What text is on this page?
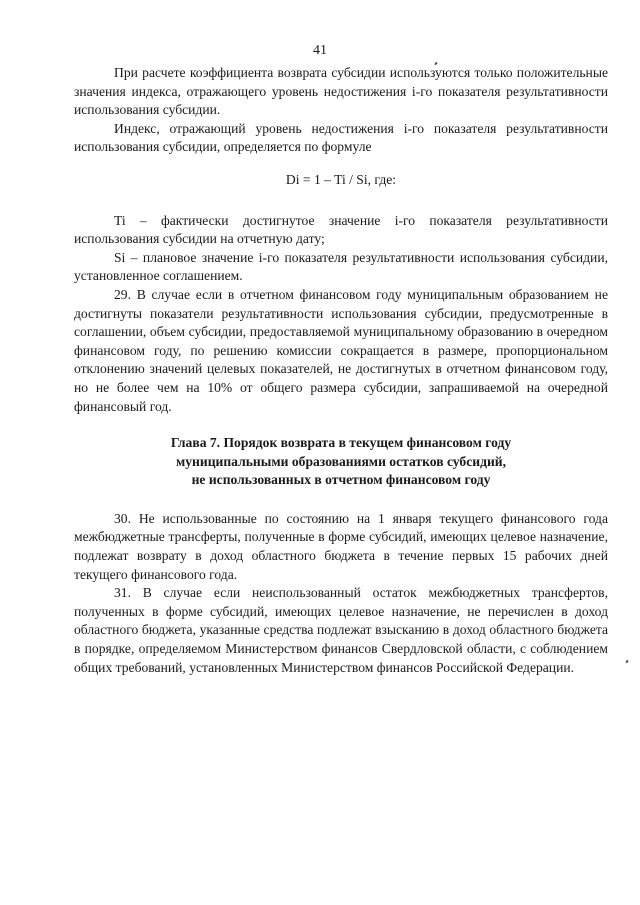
41

При расчете коэффициента возврата субсидии используются только положительные значения индекса, отражающего уровень недостижения i-го показателя результативности использования субсидии.

Индекс, отражающий уровень недостижения i-го показателя результативности использования субсидии, определяется по формуле

Di = 1 – Ti / Si, где:

Ti – фактически достигнутое значение i-го показателя результативности использования субсидии на отчетную дату;

Si – плановое значение i-го показателя результативности использования субсидии, установленное соглашением.

29. В случае если в отчетном финансовом году муниципальным образованием не достигнуты показатели результативности использования субсидии, предусмотренные в соглашении, объем субсидии, предоставляемой муниципальному образованию в очередном финансовом году, по решению комиссии сокращается в размере, пропорциональном отклонению значений целевых показателей, не достигнутых в отчетном финансовом году, но не более чем на 10% от общего размера субсидии, запрашиваемой на очередной финансовый год.

Глава 7. Порядок возврата в текущем финансовом году
муниципальными образованиями остатков субсидий,
не использованных в отчетном финансовом году

30. Не использованные по состоянию на 1 января текущего финансового года межбюджетные трансферты, полученные в форме субсидий, имеющих целевое назначение, подлежат возврату в доход областного бюджета в течение первых 15 рабочих дней текущего финансового года.

31. В случае если неиспользованный остаток межбюджетных трансфертов, полученных в форме субсидий, имеющих целевое назначение, не перечислен в доход областного бюджета, указанные средства подлежат взысканию в доход областного бюджета в порядке, определяемом Министерством финансов Свердловской области, с соблюдением общих требований, установленных Министерством финансов Российской Федерации.
